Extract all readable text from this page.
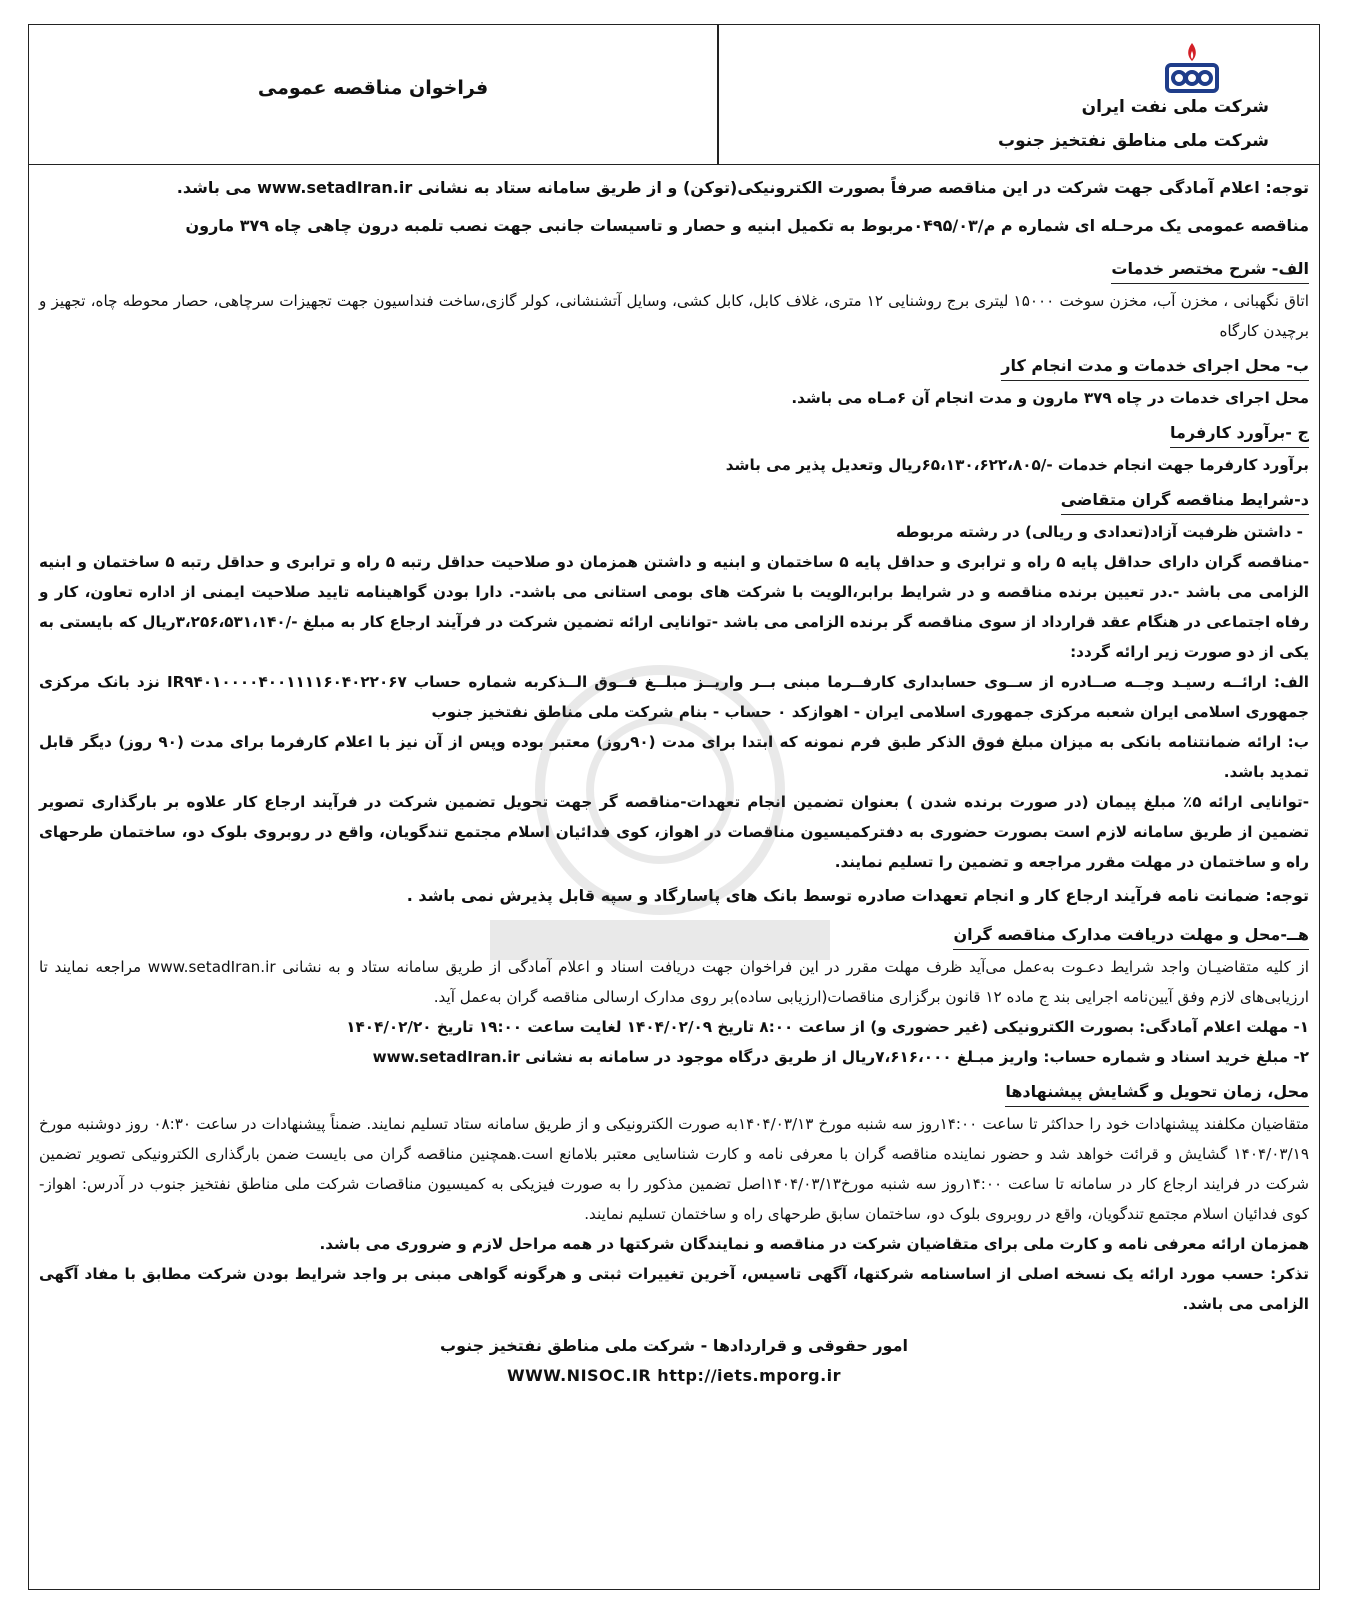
فراخوان مناقصه عمومی
شرکت ملی نفت ایران
شرکت ملی مناطق نفتخیز جنوب

توجه: اعلام آمادگی جهت شرکت در این مناقصه صرفاً بصورت الکترونیکی(توکن) و از طریق سامانه ستاد به نشانی www.setadIran.ir می باشد.

مناقصه عمومی یک مرحـله ای شماره م م/۰۴۹۵/۰۳مربوط به تکمیل ابنیه و حصار و تاسیسات جانبی جهت نصب تلمبه درون چاهی چاه ۳۷۹ مارون

الف- شرح مختصر خدمات

اتاق نگهبانی ، مخزن آب، مخزن سوخت ۱۵۰۰۰ لیتری برج روشنایی ۱۲ متری، غلاف کابل، کابل کشی، وسایل آتشنشانی، کولر گازی،ساخت فنداسیون جهت تجهیزات سرچاهی، حصار محوطه چاه، تجهیز و برچیدن کارگاه

ب- محل اجرای خدمات و مدت انجام کار

محل اجرای خدمات در چاه ۳۷۹ مارون و مدت انجام آن ۶مـاه می باشد.

ج -برآورد کارفرما

برآورد کارفرما جهت انجام خدمات -/۶۵،۱۳۰،۶۲۲،۸۰۵ریال وتعدیل پذیر می باشد

د-شرایط مناقصه گران متقاضی

- داشتن ظرفیت آزاد(تعدادی و ریالی) در رشته مربوطه

-مناقصه گران دارای حداقل پایه ۵ راه و ترابری و حداقل پایه ۵ ساختمان و ابنیه و داشتن همزمان دو صلاحیت حداقل رتبه ۵ راه و ترابری و حداقل رتبه ۵ ساختمان و ابنیه الزامی می باشد -.در تعیین برنده مناقصه و در شرایط برابر،الویت با شرکت های بومی استانی می باشد-. دارا بودن گواهینامه تایید صلاحیت ایمنی از اداره تعاون، کار و رفاه اجتماعی در هنگام عقد قرارداد از سوی مناقصه گر برنده الزامی می باشد -توانایی ارائه تضمین شرکت در فرآیند ارجاع کار به مبلغ -/۳،۲۵۶،۵۳۱،۱۴۰ریال که بایستی به یکی از دو صورت زیر ارائه گردد:

الف: ارائــه رسیـد وجــه صــادره از ســوی حسابداری کارفــرما مبنی بــر واریــز مبلــغ فــوق الــذکربه شماره حساب IR۹۴۰۱۰۰۰۰۴۰۰۱۱۱۱۶۰۴۰۲۲۰۶۷ نزد بانک مرکزی جمهوری اسلامی ایران شعبه مرکزی جمهوری اسلامی ایران - اهوازکد ۰ حساب - بنام شرکت ملی مناطق نفتخیز جنوب

ب: ارائه ضمانتنامه بانکی به میزان مبلغ فوق الذکر طبق فرم نمونه که ابتدا برای مدت (۹۰روز) معتبر بوده وپس از آن نیز با اعلام کارفرما برای مدت (۹۰ روز) دیگر قابل تمدید باشد.

-توانایی ارائه ۵٪ مبلغ پیمان (در صورت برنده شدن ) بعنوان تضمین انجام تعهدات-مناقصه گر جهت تحویل تضمین شرکت در فرآیند ارجاع کار علاوه بر بارگذاری تصویر تضمین از طریق سامانه لازم است بصورت حضوری به دفترکمیسیون مناقصات در اهواز، کوی فدائیان اسلام مجتمع تندگویان، واقع در روبروی بلوک دو، ساختمان طرحهای راه و ساختمان در مهلت مقرر مراجعه و تضمین را تسلیم نمایند.

توجه: ضمانت نامه فرآیند ارجاع کار و انجام تعهدات صادره توسط بانک های پاسارگاد و سپه قابل پذیرش نمی باشد .

هــ-محل و مهلت دریافت مدارک مناقصه گران

از کلیه متقاضیـان واجد شرایط دعـوت به‌عمل می‌آید ظرف مهلت مقرر در این فراخوان جهت دریافت اسناد و اعلام آمادگی از طریق سامانه ستاد و به نشانی www.setadIran.ir مراجعه نمایند تا ارزیابی‌های لازم وفق آیین‌نامه اجرایی بند ج ماده ۱۲ قانون برگزاری مناقصات(ارزیابی ساده)بر روی مدارک ارسالی مناقصه گران به‌عمل آید.

۱- مهلت اعلام آمادگی: بصورت الکترونیکی (غیر حضوری و) از ساعت ۸:۰۰ تاریخ ۱۴۰۴/۰۲/۰۹ لغایت ساعت ۱۹:۰۰ تاریخ ۱۴۰۴/۰۲/۲۰

۲- مبلغ خرید اسناد و شماره حساب: واریز مبـلغ ۷،۶۱۶،۰۰۰ریال از طریق درگاه موجود در سامانه به نشانی www.setadIran.ir

محل، زمان تحویل و گشایش پیشنهادها

متقاضیان مکلفند پیشنهادات خود را حداکثر تا ساعت ۱۴:۰۰روز سه شنبه مورخ ۱۴۰۴/۰۳/۱۳به صورت الکترونیکی و از طریق سامانه ستاد تسلیم نمایند. ضمناً پیشنهادات در ساعت ۰۸:۳۰ روز دوشنبه مورخ ۱۴۰۴/۰۳/۱۹ گشایش و قرائت خواهد شد و حضور نماینده مناقصه گران با معرفی نامه و کارت شناسایی معتبر بلامانع است.همچنین مناقصه گران می بایست ضمن بارگذاری الکترونیکی تصویر تضمین شرکت در فرایند ارجاع کار در سامانه تا ساعت ۱۴:۰۰روز سه شنبه مورخ۱۴۰۴/۰۳/۱۳اصل تضمین مذکور را به صورت فیزیکی به کمیسیون مناقصات شرکت ملی مناطق نفتخیز جنوب در آدرس: اهواز- کوی فدائیان اسلام مجتمع تندگویان، واقع در روبروی بلوک دو، ساختمان سابق طرحهای راه و ساختمان تسلیم نمایند.

همزمان ارائه معرفی نامه و کارت ملی برای متقاضیان شرکت در مناقصه و نمایندگان شرکتها در همه مراحل لازم و ضروری می باشد.

تذکر: حسب مورد ارائه یک نسخه اصلی از اساسنامه شرکتها، آگهی تاسیس، آخرین تغییرات ثبتی و هرگونه گواهی مبنی بر واجد شرایط بودن شرکت مطابق با مفاد آگهی الزامی می باشد.

امور حقوقی و قراردادها - شرکت ملی مناطق نفتخیز جنوب

WWW.NISOC.IR http://iets.mporg.ir
